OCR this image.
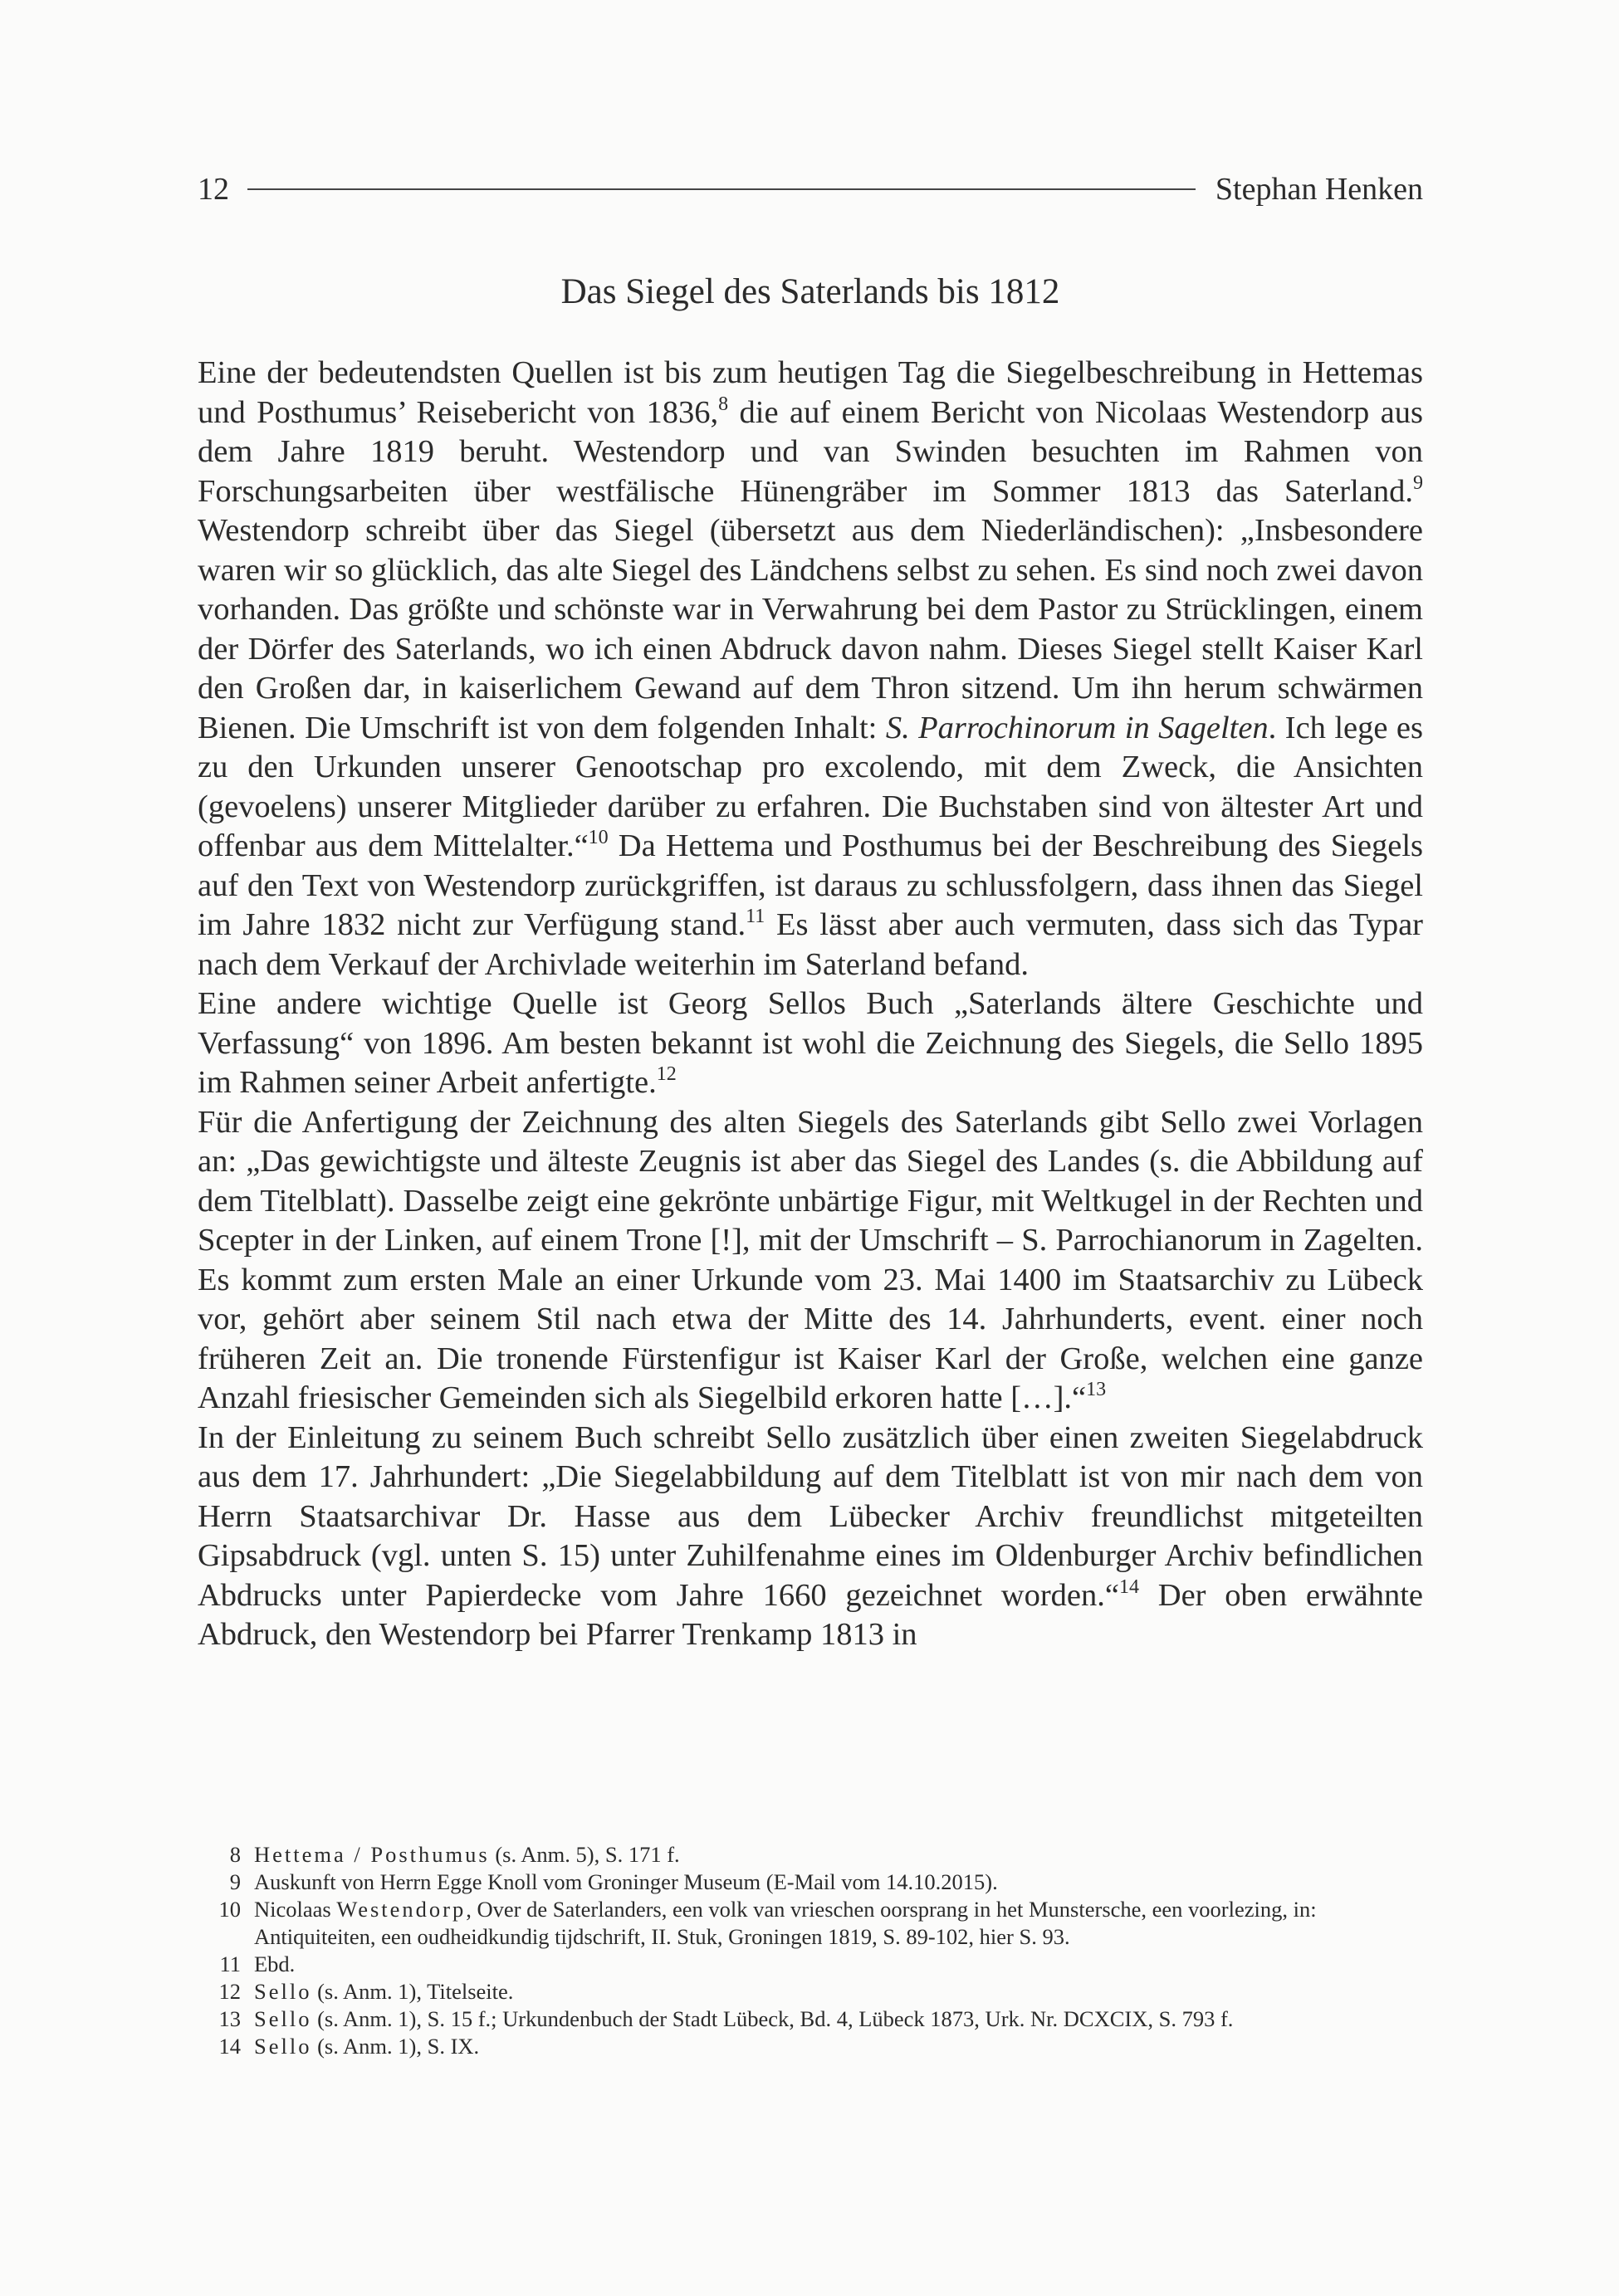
12	Stephan Henken
Das Siegel des Saterlands bis 1812

Eine der bedeutendsten Quellen ist bis zum heutigen Tag die Siegelbeschreibung in Hettemas und Posthumus’ Reisebericht von 1836,$^8$ die auf einem Bericht von Nicolaas Westendorp aus dem Jahre 1819 beruht. Westendorp und van Swinden besuchten im Rahmen von Forschungsarbeiten über westfälische Hünengräber im Sommer 1813 das Saterland.$^9$ Westendorp schreibt über das Siegel (übersetzt aus dem Niederländischen): „Insbesondere waren wir so glücklich, das alte Siegel des Ländchens selbst zu sehen. Es sind noch zwei davon vorhanden. Das größte und schönste war in Verwahrung bei dem Pastor zu Strücklingen, einem der Dörfer des Saterlands, wo ich einen Abdruck davon nahm. Dieses Siegel stellt Kaiser Karl den Großen dar, in kaiserlichem Gewand auf dem Thron sitzend. Um ihn herum schwärmen Bienen. Die Umschrift ist von dem folgenden Inhalt: S. Parrochinorum in Sagelten. Ich lege es zu den Urkunden unserer Genootschap pro excolendo, mit dem Zweck, die Ansichten (gevoelens) unserer Mitglieder darüber zu erfahren. Die Buchstaben sind von ältester Art und offenbar aus dem Mittelalter.“$^{10}$ Da Hettema und Posthumus bei der Beschreibung des Siegels auf den Text von Westendorp zurückgriffen, ist daraus zu schlussfolgern, dass ihnen das Siegel im Jahre 1832 nicht zur Verfügung stand.$^{11}$ Es lässt aber auch vermuten, dass sich das Typar nach dem Verkauf der Archivlade weiterhin im Saterland befand.

Eine andere wichtige Quelle ist Georg Sellos Buch „Saterlands ältere Geschichte und Verfassung“ von 1896. Am besten bekannt ist wohl die Zeichnung des Siegels, die Sello 1895 im Rahmen seiner Arbeit anfertigte.$^{12}$

Für die Anfertigung der Zeichnung des alten Siegels des Saterlands gibt Sello zwei Vorlagen an: „Das gewichtigste und älteste Zeugnis ist aber das Siegel des Landes (s. die Abbildung auf dem Titelblatt). Dasselbe zeigt eine gekrönte unbärtige Figur, mit Weltkugel in der Rechten und Scepter in der Linken, auf einem Trone [!], mit der Umschrift – S. Parrochianorum in Zagelten. Es kommt zum ersten Male an einer Urkunde vom 23. Mai 1400 im Staatsarchiv zu Lübeck vor, gehört aber seinem Stil nach etwa der Mitte des 14. Jahrhunderts, event. einer noch früheren Zeit an. Die tronende Fürstenfigur ist Kaiser Karl der Große, welchen eine ganze Anzahl friesischer Gemeinden sich als Siegelbild erkoren hatte […].“$^{13}$

In der Einleitung zu seinem Buch schreibt Sello zusätzlich über einen zweiten Siegelabdruck aus dem 17. Jahrhundert: „Die Siegelabbildung auf dem Titelblatt ist von mir nach dem von Herrn Staatsarchivar Dr. Hasse aus dem Lübecker Archiv freundlichst mitgeteilten Gipsabdruck (vgl. unten S. 15) unter Zuhilfenahme eines im Oldenburger Archiv befindlichen Abdrucks unter Papierdecke vom Jahre 1660 gezeichnet worden.“$^{14}$ Der oben erwähnte Abdruck, den Westendorp bei Pfarrer Trenkamp 1813 in

8 Hettema / Posthumus (s. Anm. 5), S. 171 f.
9 Auskunft von Herrn Egge Knoll vom Groninger Museum (E-Mail vom 14.10.2015).
10 Nicolaas Westendorp, Over de Saterlanders, een volk van vrieschen oorsprang in het Munstersche, een voorlezing, in: Antiquiteiten, een oudheidkundig tijdschrift, II. Stuk, Groningen 1819, S. 89-102, hier S. 93.
11 Ebd.
12 Sello (s. Anm. 1), Titelseite.
13 Sello (s. Anm. 1), S. 15 f.; Urkundenbuch der Stadt Lübeck, Bd. 4, Lübeck 1873, Urk. Nr. DCXCIX, S. 793 f.
14 Sello (s. Anm. 1), S. IX.
